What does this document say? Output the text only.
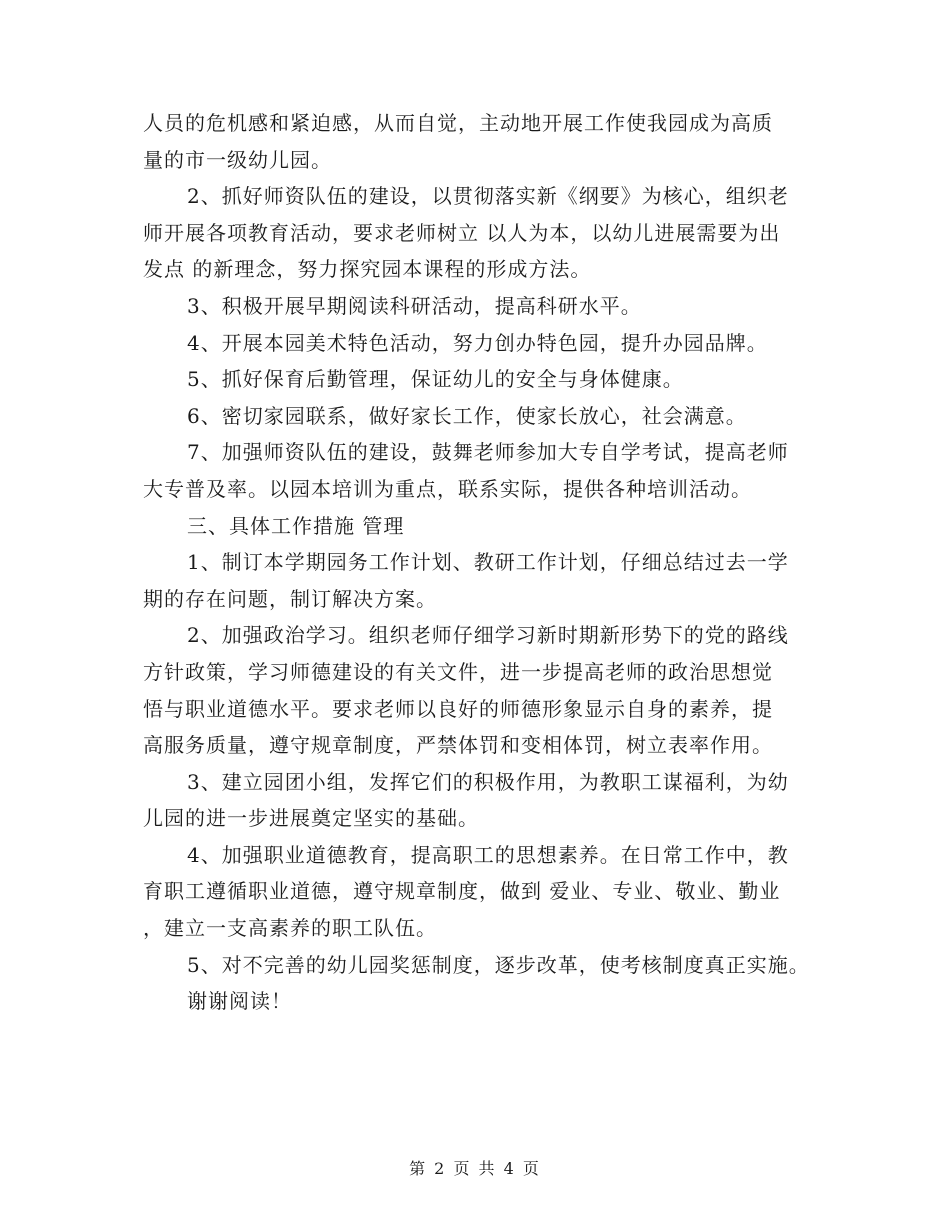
人员的危机感和紧迫感，从而自觉，主动地开展工作使我园成为高质
量的市一级幼儿园。
2、抓好师资队伍的建设，以贯彻落实新《纲要》为核心，组织老
师开展各项教育活动，要求老师树立 以人为本，以幼儿进展需要为出
发点 的新理念，努力探究园本课程的形成方法。
3、积极开展早期阅读科研活动，提高科研水平。
4、开展本园美术特色活动，努力创办特色园，提升办园品牌。
5、抓好保育后勤管理，保证幼儿的安全与身体健康。
6、密切家园联系，做好家长工作，使家长放心，社会满意。
7、加强师资队伍的建设，鼓舞老师参加大专自学考试，提高老师
大专普及率。以园本培训为重点，联系实际，提供各种培训活动。
三、具体工作措施 管理
1、制订本学期园务工作计划、教研工作计划，仔细总结过去一学
期的存在问题，制订解决方案。
2、加强政治学习。组织老师仔细学习新时期新形势下的党的路线
方针政策，学习师德建设的有关文件，进一步提高老师的政治思想觉
悟与职业道德水平。要求老师以良好的师德形象显示自身的素养，提
高服务质量，遵守规章制度，严禁体罚和变相体罚，树立表率作用。
3、建立园团小组，发挥它们的积极作用，为教职工谋福利，为幼
儿园的进一步进展奠定坚实的基础。
4、加强职业道德教育，提高职工的思想素养。在日常工作中，教
育职工遵循职业道德，遵守规章制度，做到 爱业、专业、敬业、勤业
，建立一支高素养的职工队伍。
5、对不完善的幼儿园奖惩制度，逐步改革，使考核制度真正实施。
谢谢阅读！
第 2 页 共 4 页
